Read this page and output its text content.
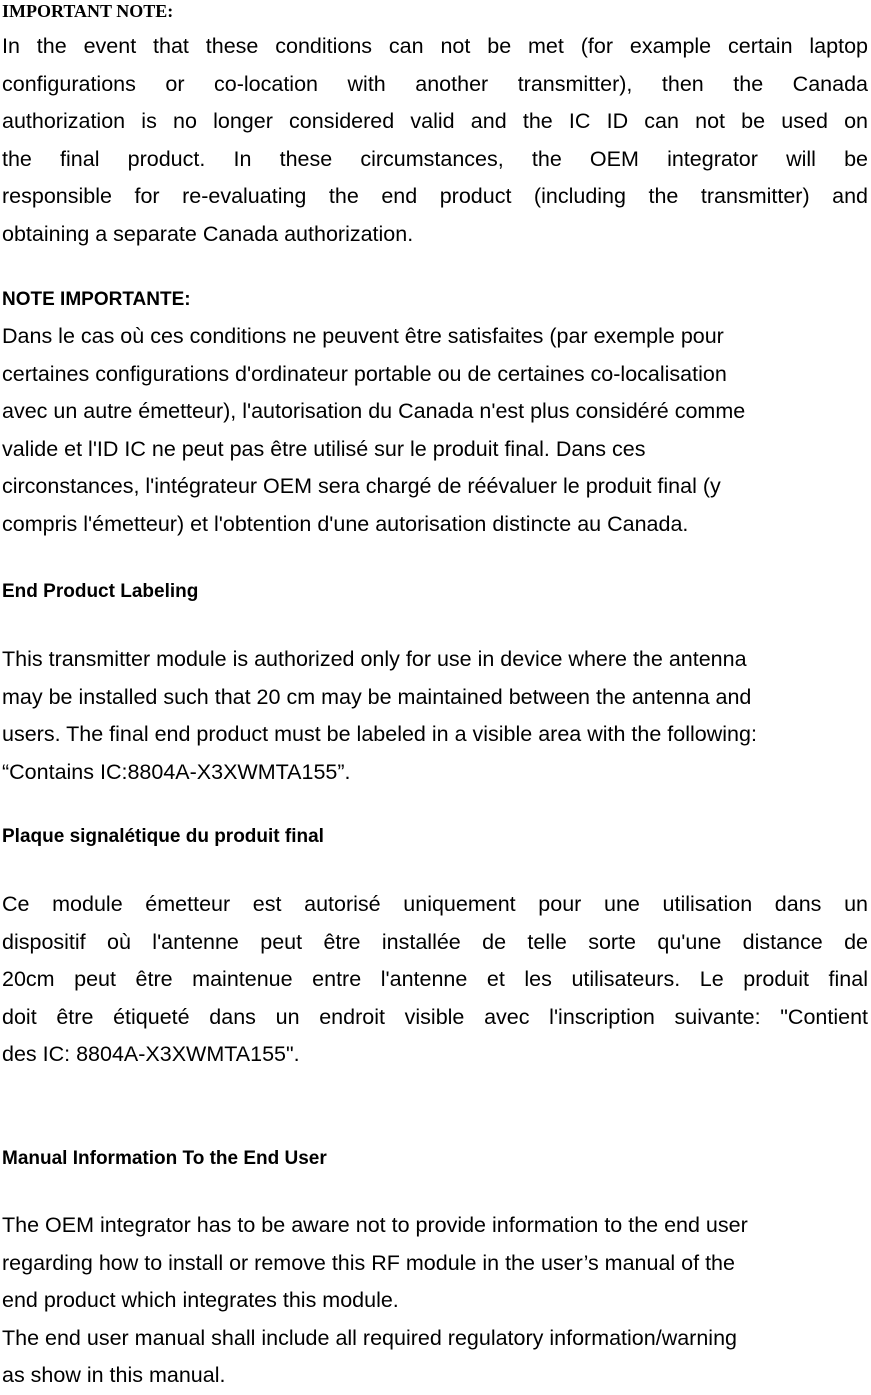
IMPORTANT NOTE:
In the event that these conditions can not be met (for example certain laptop
configurations or co-location with another transmitter), then the Canada
authorization is no longer considered valid and the IC ID can not be used on
the final product. In these circumstances, the OEM integrator will be
responsible for re-evaluating the end product (including the transmitter) and
obtaining a separate Canada authorization.
NOTE IMPORTANTE:
Dans le cas où ces conditions ne peuvent être satisfaites (par exemple pour
certaines configurations d'ordinateur portable ou de certaines co-localisation
avec un autre émetteur), l'autorisation du Canada n'est plus considéré comme
valide et l'ID IC ne peut pas être utilisé sur le produit final. Dans ces
circonstances, l'intégrateur OEM sera chargé de réévaluer le produit final (y
compris l'émetteur) et l'obtention d'une autorisation distincte au Canada.
End Product Labeling
This transmitter module is authorized only for use in device where the antenna
may be installed such that 20 cm may be maintained between the antenna and
users. The final end product must be labeled in a visible area with the following:
“Contains IC:8804A-X3XWMTA155”.
Plaque signalétique du produit final
Ce module émetteur est autorisé uniquement pour une utilisation dans un
dispositif où l'antenne peut être installée de telle sorte qu'une distance de
20cm peut être maintenue entre l'antenne et les utilisateurs. Le produit final
doit être étiqueté dans un endroit visible avec l'inscription suivante: "Contient
des IC: 8804A-X3XWMTA155".
Manual Information To the End User
The OEM integrator has to be aware not to provide information to the end user
regarding how to install or remove this RF module in the user’s manual of the
end product which integrates this module.
The end user manual shall include all required regulatory information/warning
as show in this manual.
